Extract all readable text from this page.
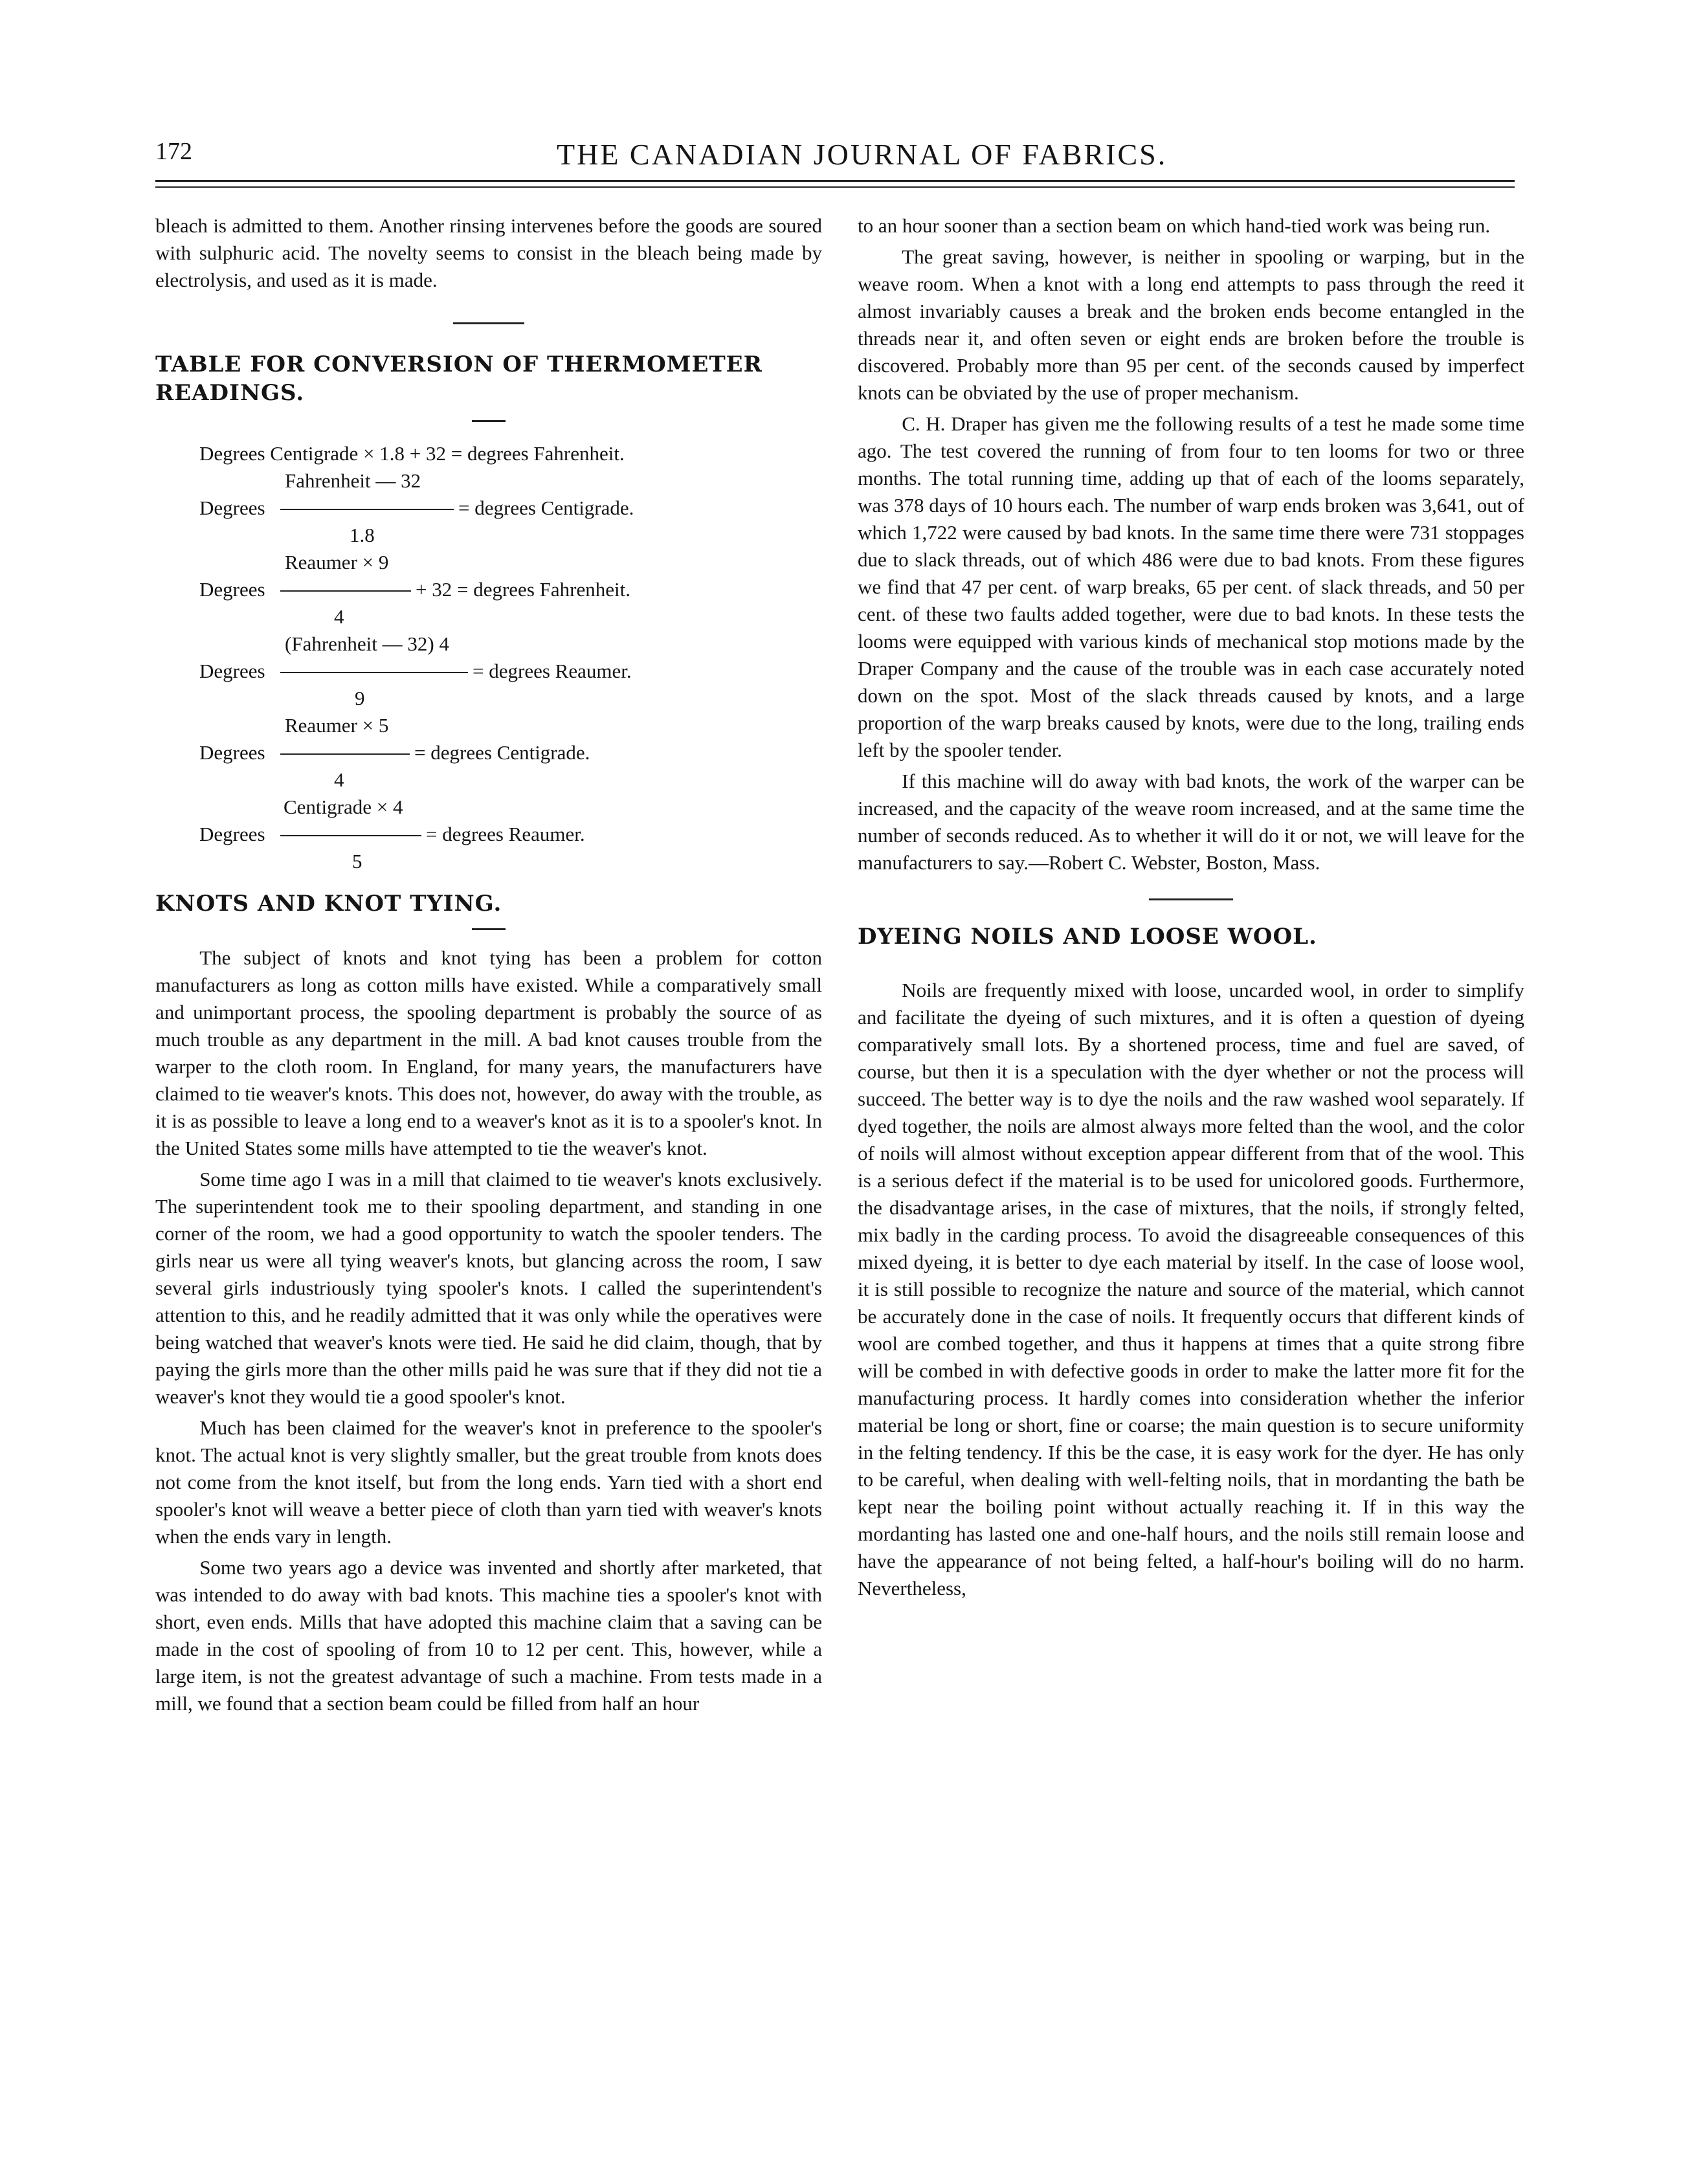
172	THE CANADIAN JOURNAL OF FABRICS.

bleach is admitted to them. Another rinsing intervenes before the goods are soured with sulphuric acid. The novelty seems to consist in the bleach being made by electrolysis, and used as it is made.

TABLE FOR CONVERSION OF THERMOMETER

READINGS.

Degrees Centigrade × 1.8 + 32 = degrees Fahrenheit.
Fahrenheit — 32
Degrees	= degrees Centigrade.
1.8
Reaumer × 9
Degrees	+ 32 = degrees Fahrenheit.
4
(Fahrenheit — 32) 4
Degrees	= degrees Reaumer.
9
Reaumer × 5
Degrees	= degrees Centigrade.
4
Centigrade × 4
Degrees	= degrees Reaumer.
5

KNOTS AND KNOT TYING.

The subject of knots and knot tying has been a problem for cotton manufacturers as long as cotton mills have existed. While a comparatively small and unimportant process, the spooling department is probably the source of as much trouble as any department in the mill. A bad knot causes trouble from the warper to the cloth room. In England, for many years, the manufacturers have claimed to tie weaver's knots. This does not, however, do away with the trouble, as it is as possible to leave a long end to a weaver's knot as it is to a spooler's knot. In the United States some mills have attempted to tie the weaver's knot.

Some time ago I was in a mill that claimed to tie weaver's knots exclusively. The superintendent took me to their spooling department, and standing in one corner of the room, we had a good opportunity to watch the spooler tenders. The girls near us were all tying weaver's knots, but glancing across the room, I saw several girls industriously tying spooler's knots. I called the superintendent's attention to this, and he readily admitted that it was only while the operatives were being watched that weaver's knots were tied. He said he did claim, though, that by paying the girls more than the other mills paid he was sure that if they did not tie a weaver's knot they would tie a good spooler's knot.

Much has been claimed for the weaver's knot in preference to the spooler's knot. The actual knot is very slightly smaller, but the great trouble from knots does not come from the knot itself, but from the long ends. Yarn tied with a short end spooler's knot will weave a better piece of cloth than yarn tied with weaver's knots when the ends vary in length.

Some two years ago a device was invented and shortly after marketed, that was intended to do away with bad knots. This machine ties a spooler's knot with short, even ends. Mills that have adopted this machine claim that a saving can be made in the cost of spooling of from 10 to 12 per cent. This, however, while a large item, is not the greatest advantage of such a machine. From tests made in a mill, we found that a section beam could be filled from half an hour

to an hour sooner than a section beam on which hand-tied work was being run.

The great saving, however, is neither in spooling or warping, but in the weave room. When a knot with a long end attempts to pass through the reed it almost invariably causes a break and the broken ends become entangled in the threads near it, and often seven or eight ends are broken before the trouble is discovered. Probably more than 95 per cent. of the seconds caused by imperfect knots can be obviated by the use of proper mechanism.

C. H. Draper has given me the following results of a test he made some time ago. The test covered the running of from four to ten looms for two or three months. The total running time, adding up that of each of the looms separately, was 378 days of 10 hours each. The number of warp ends broken was 3,641, out of which 1,722 were caused by bad knots. In the same time there were 731 stoppages due to slack threads, out of which 486 were due to bad knots. From these figures we find that 47 per cent. of warp breaks, 65 per cent. of slack threads, and 50 per cent. of these two faults added together, were due to bad knots. In these tests the looms were equipped with various kinds of mechanical stop motions made by the Draper Company and the cause of the trouble was in each case accurately noted down on the spot. Most of the slack threads caused by knots, and a large proportion of the warp breaks caused by knots, were due to the long, trailing ends left by the spooler tender.

If this machine will do away with bad knots, the work of the warper can be increased, and the capacity of the weave room increased, and at the same time the number of seconds reduced. As to whether it will do it or not, we will leave for the manufacturers to say.—Robert C. Webster, Boston, Mass.

DYEING NOILS AND LOOSE WOOL.

Noils are frequently mixed with loose, uncarded wool, in order to simplify and facilitate the dyeing of such mixtures, and it is often a question of dyeing comparatively small lots. By a shortened process, time and fuel are saved, of course, but then it is a speculation with the dyer whether or not the process will succeed. The better way is to dye the noils and the raw washed wool separately. If dyed together, the noils are almost always more felted than the wool, and the color of noils will almost without exception appear different from that of the wool. This is a serious defect if the material is to be used for unicolored goods. Furthermore, the disadvantage arises, in the case of mixtures, that the noils, if strongly felted, mix badly in the carding process. To avoid the disagreeable consequences of this mixed dyeing, it is better to dye each material by itself. In the case of loose wool, it is still possible to recognize the nature and source of the material, which cannot be accurately done in the case of noils. It frequently occurs that different kinds of wool are combed together, and thus it happens at times that a quite strong fibre will be combed in with defective goods in order to make the latter more fit for the manufacturing process. It hardly comes into consideration whether the inferior material be long or short, fine or coarse; the main question is to secure uniformity in the felting tendency. If this be the case, it is easy work for the dyer. He has only to be careful, when dealing with well-felting noils, that in mordanting the bath be kept near the boiling point without actually reaching it. If in this way the mordanting has lasted one and one-half hours, and the noils still remain loose and have the appearance of not being felted, a half-hour's boiling will do no harm. Nevertheless,
